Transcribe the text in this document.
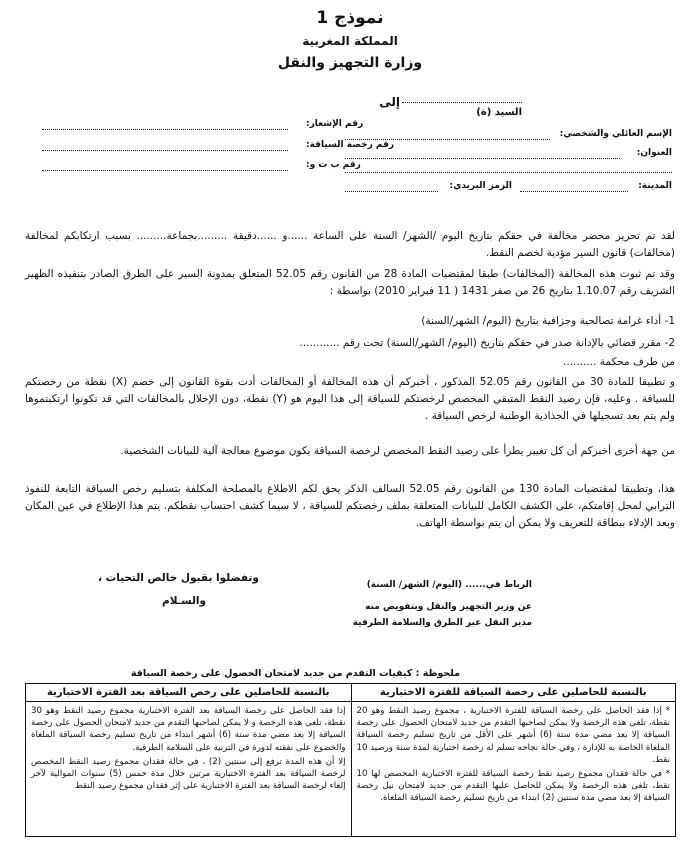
نموذج 1
المملكة المغربية
وزارة التجهيز والنقل
إلى
السيد (ة)
الإسم العائلي والشخصي:
العنوان:
المدينة:
الرمز البريدي:
رقم الإشعار:
رقم رخصة السياقة:
رقم ب ت و:
لقد تم تحرير محضر مخالفة في حقكم بتاريخ اليوم /الشهر/ السنة على الساعة ......و ......دقيقة .........بجماعة......... بسبب ارتكابكم لمخالفة (مخالفات) قانون السير مؤدية لخصم النقط.
وقد تم ثبوت هذه المخالفة (المخالفات) طبقا لمقتضيات المادة 28 من القانون رقم 52.05 المتعلق بمدونة السير على الطرق الصادر بتنفيذه الظهير الشريف رقم 1.10.07 بتاريخ 26 من صفر 1431 ( 11 فبراير 2010) بواسطة :
1- أداء غرامة تصالحية وجزافية بتاريخ (اليوم/ الشهر/السنة)
2- مقرر قضائي بالإدانة صدر في حقكم بتاريخ (اليوم/ الشهر/السنة) تحت رقم ............
من طرف محكمة ..........
و تطبيقا للمادة 30 من القانون رقم 52.05 المذكور ، أخبركم أن هذه المخالفة أو المخالفات أدت بقوة القانون إلى خصم (X) نقطة من رخصتكم للسياقة . وعليه، فإن رصيد النقط المتبقي المخصص لرخصتكم للسياقة إلى هذا اليوم هو (Y) نقطة، دون الإخلال بالمخالفات التي قد تكونوا ارتكبتموها ولم يتم بعد تسجيلها في الجذاذية الوطنية لرخص السياقة .
من جهة أخرى أخبركم أن كل تغيير يطرأ على رصيد النقط المخصص لرخصة السياقة يكون موضوع معالجة آلية للبيانات الشخصية.
هذا، وتطبيقا لمقتضيات المادة 130 من القانون رقم 52.05 السالف الذكر يحق لكم الاطلاع بالمصلحة المكلفة بتسليم رخص السياقة التابعة للنفوذ الترابي لمحل إقامتكم، على الكشف الكامل للبيانات المتعلقة بملف رخصتكم للسياقة ، لا سيما كشف احتساب نقطكم. يتم هذا الإطلاع في عين المكان وبعد الإدلاء ببطاقة للتعريف ولا يمكن أن يتم بواسطة الهاتف.
وتفضلوا بقبول خالص التحيات ،
والسـلام
الرباط في...... (اليوم/ الشهر/ السنة)
عن وزير التجهيز والنقل وبتفويض منه
مدير النقل عبر الطرق والسلامة الطرقية
ملحوظة : كيفيات التقدم من جديد لامتحان الحصول على رخصة السياقة
بالنسبة للحاصلين على رخصة السياقة للفترة الاختبارية

* إذا فقد الحاصل على رخصة السياقة للفترة الاختبارية ، مجموع رصيد النقط وهو 20 نقطة، تلغى هذه الرخصة ولا يمكن لصاحبها التقدم من جديد لامتحان الحصول على رخصة السياقة إلا بعد مضي مدة ستة (6) أشهر على الأقل من تاريخ تسليم رخصة السياقة الملغاة الخاصة به للإدارة ، وفي حالة نجاحه تسلم له رخصة اختبارية لمدة سنة ورصيد 10 نقط.

* في حالة فقدان مجموع رصيد نقط رخصة السياقة للفترة الاختبارية المخصص لها 10 نقط، تلغى هذه الرخصة ولا يمكن للحاصل عليها التقدم من جديد لامتحان نيل رخصة السياقة إلا بعد مضي مدة سنتين (2) ابتداء من تاريخ تسليم رخصة السياقة الملغاة.

بالنسبة للحاصلين على رخص السياقة بعد الفترة الاختبارية

إذا فقد الحاصل على رخصة السياقة بعد الفترة الاختبارية مجموع رصيد النقط وهو 30 نقطة، تلغى هذه الرخصة و لا يمكن لصاحبها التقدم من جديد لامتحان الحصول على رخصة السياقة إلا بعد مضي مدة ستة (6) أشهر ابتداء من تاريخ تسليم رخصة السياقة الملغاة والخضوع على نفقته لدورة في التربية على السلامة الطرقية.

إلا أن هذه المدة ترفع إلى سنتين (2) ، في حالة فقدان مجموع رصيد النقط المخصص لرخصة السياقة بعد الفترة الاختبارية مرتين خلال مدة خمس (5) سنوات الموالية لآخر إلغاء لرخصة السياقة بعد الفترة الاختبارية على إثر فقدان مجموع رصيد النقط
